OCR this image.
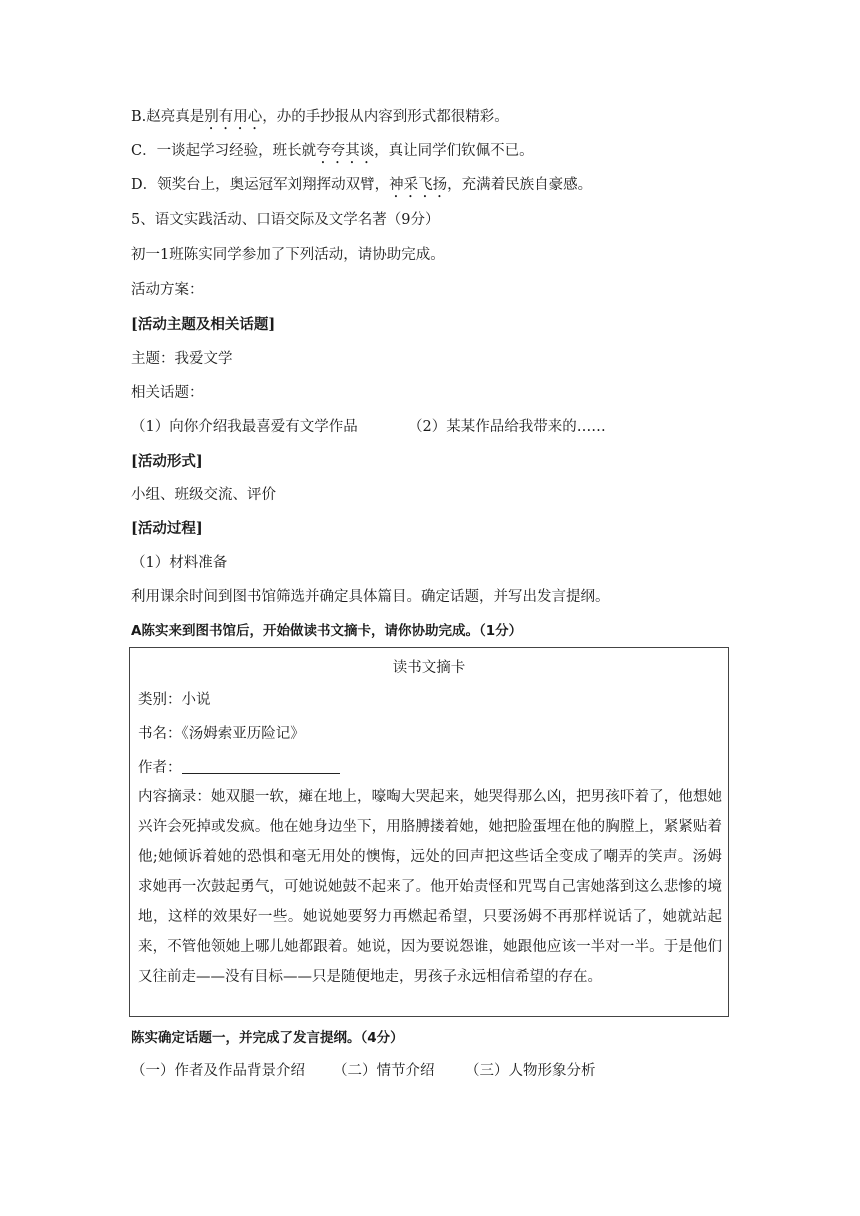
B.赵亮真是别有用心，办的手抄报从内容到形式都很精彩。
C．一谈起学习经验，班长就夸夸其谈，真让同学们钦佩不已。
D．领奖台上，奥运冠军刘翔挥动双臂，神采飞扬，充满着民族自豪感。
5、语文实践活动、口语交际及文学名著（9分）
初一1班陈实同学参加了下列活动，请协助完成。
活动方案：
[活动主题及相关话题]
主题：我爱文学
相关话题：
（1）向你介绍我最喜爱有文学作品	（2）某某作品给我带来的……
[活动形式]
小组、班级交流、评价
[活动过程]
（1）材料准备
利用课余时间到图书馆筛选并确定具体篇目。确定话题，并写出发言提纲。
A陈实来到图书馆后，开始做读书文摘卡，请你协助完成。（1分）
读书文摘卡
类别：小说
书名：《汤姆索亚历险记》
作者：
内容摘录：她双腿一软，瘫在地上，嚎啕大哭起来，她哭得那么凶，把男孩吓着了，他想她兴许会死掉或发疯。他在她身边坐下，用胳膊搂着她，她把脸蛋埋在他的胸膛上，紧紧贴着他;她倾诉着她的恐惧和毫无用处的懊悔，远处的回声把这些话全变成了嘲弄的笑声。汤姆求她再一次鼓起勇气，可她说她鼓不起来了。他开始责怪和咒骂自己害她落到这么悲惨的境地，这样的效果好一些。她说她要努力再燃起希望，只要汤姆不再那样说话了，她就站起来，不管他领她上哪儿她都跟着。她说，因为要说怨谁，她跟他应该一半对一半。于是他们又往前走——没有目标——只是随便地走，男孩子永远相信希望的存在。
陈实确定话题一，并完成了发言提纲。（4分）
（一）作者及作品背景介绍 （二）情节介绍 （三）人物形象分析
